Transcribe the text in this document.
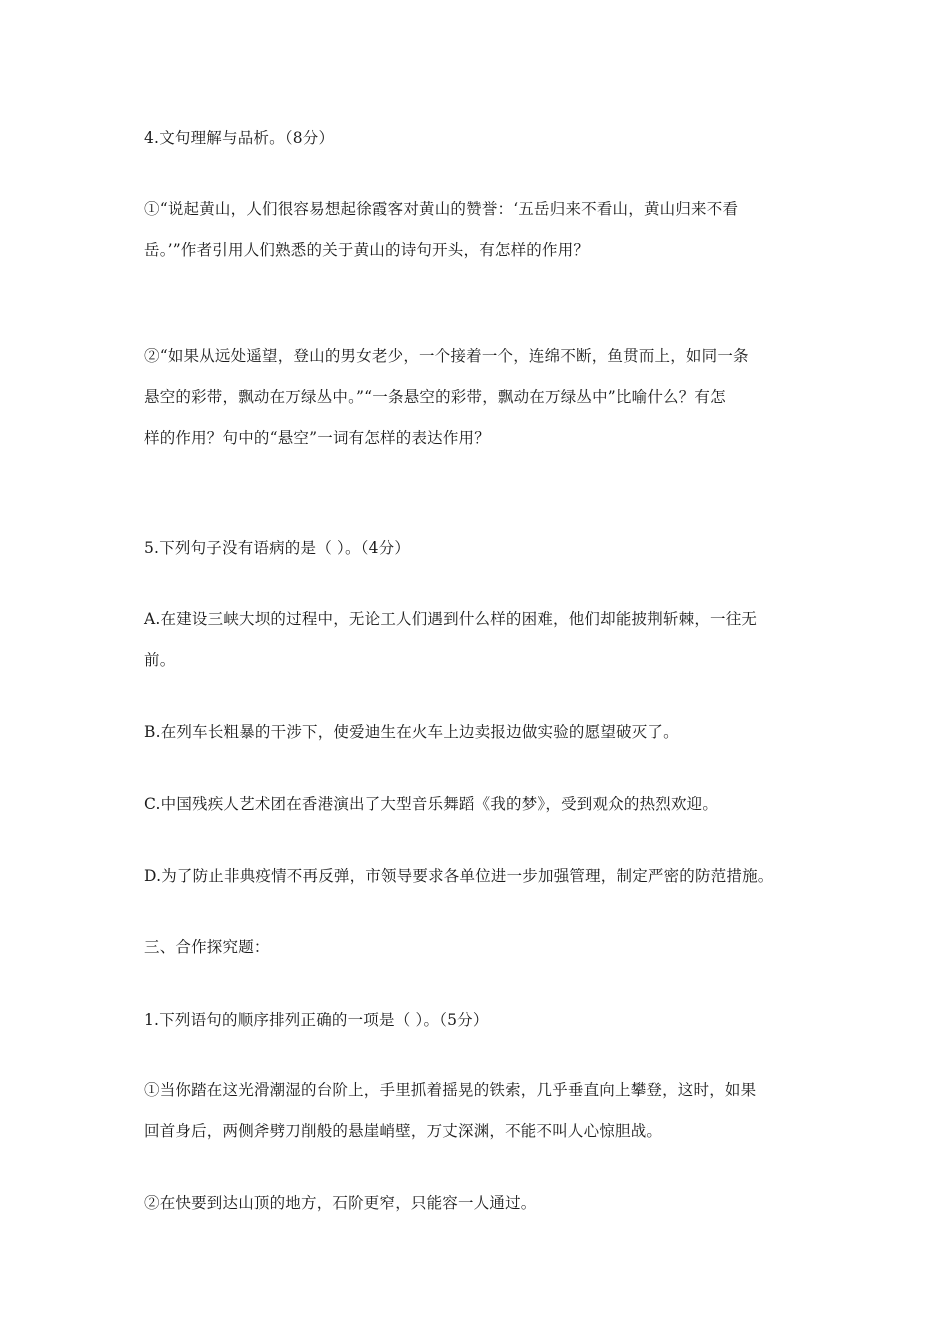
4.文句理解与品析。（8分）
①“说起黄山，人们很容易想起徐霞客对黄山的赞誉：‘五岳归来不看山，黄山归来不看
岳。’”作者引用人们熟悉的关于黄山的诗句开头，有怎样的作用？
②“如果从远处遥望，登山的男女老少，一个接着一个，连绵不断，鱼贯而上，如同一条
悬空的彩带，飘动在万绿丛中。”“一条悬空的彩带，飘动在万绿丛中”比喻什么？有怎
样的作用？句中的“悬空”一词有怎样的表达作用？
5.下列句子没有语病的是（ ）。（4分）
A.在建设三峡大坝的过程中，无论工人们遇到什么样的困难，他们却能披荆斩棘，一往无
前。
B.在列车长粗暴的干涉下，使爱迪生在火车上边卖报边做实验的愿望破灭了。
C.中国残疾人艺术团在香港演出了大型音乐舞蹈《我的梦》，受到观众的热烈欢迎。
D.为了防止非典疫情不再反弹，市领导要求各单位进一步加强管理，制定严密的防范措施。
三、合作探究题：
1.下列语句的顺序排列正确的一项是（ ）。（5分）
①当你踏在这光滑潮湿的台阶上，手里抓着摇晃的铁索，几乎垂直向上攀登，这时，如果
回首身后，两侧斧劈刀削般的悬崖峭壁，万丈深渊，不能不叫人心惊胆战。
②在快要到达山顶的地方，石阶更窄，只能容一人通过。
